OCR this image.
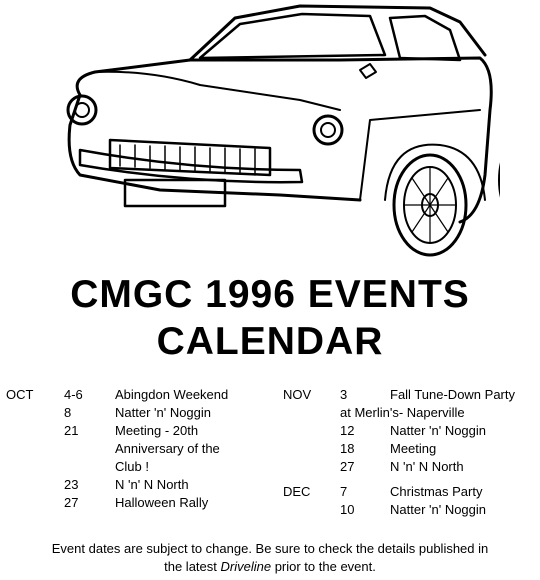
CMGC 1996 EVENTS
CALENDAR
OCT 4-6 Abingdon Weekend
8	Natter 'n' Noggin
21	Meeting - 20th
Anniversary of the
Club !
23	N 'n' N North
27	Halloween Rally
NOV 3	Fall Tune-Down Party
at Merlin's- Naperville
12	Natter 'n' Noggin
18	Meeting
27	N 'n' N North
DEC 7	Christmas Party
10	Natter 'n' Noggin
Event dates are subject to change. Be sure to check the details published in
the latest Driveline prior to the event.
